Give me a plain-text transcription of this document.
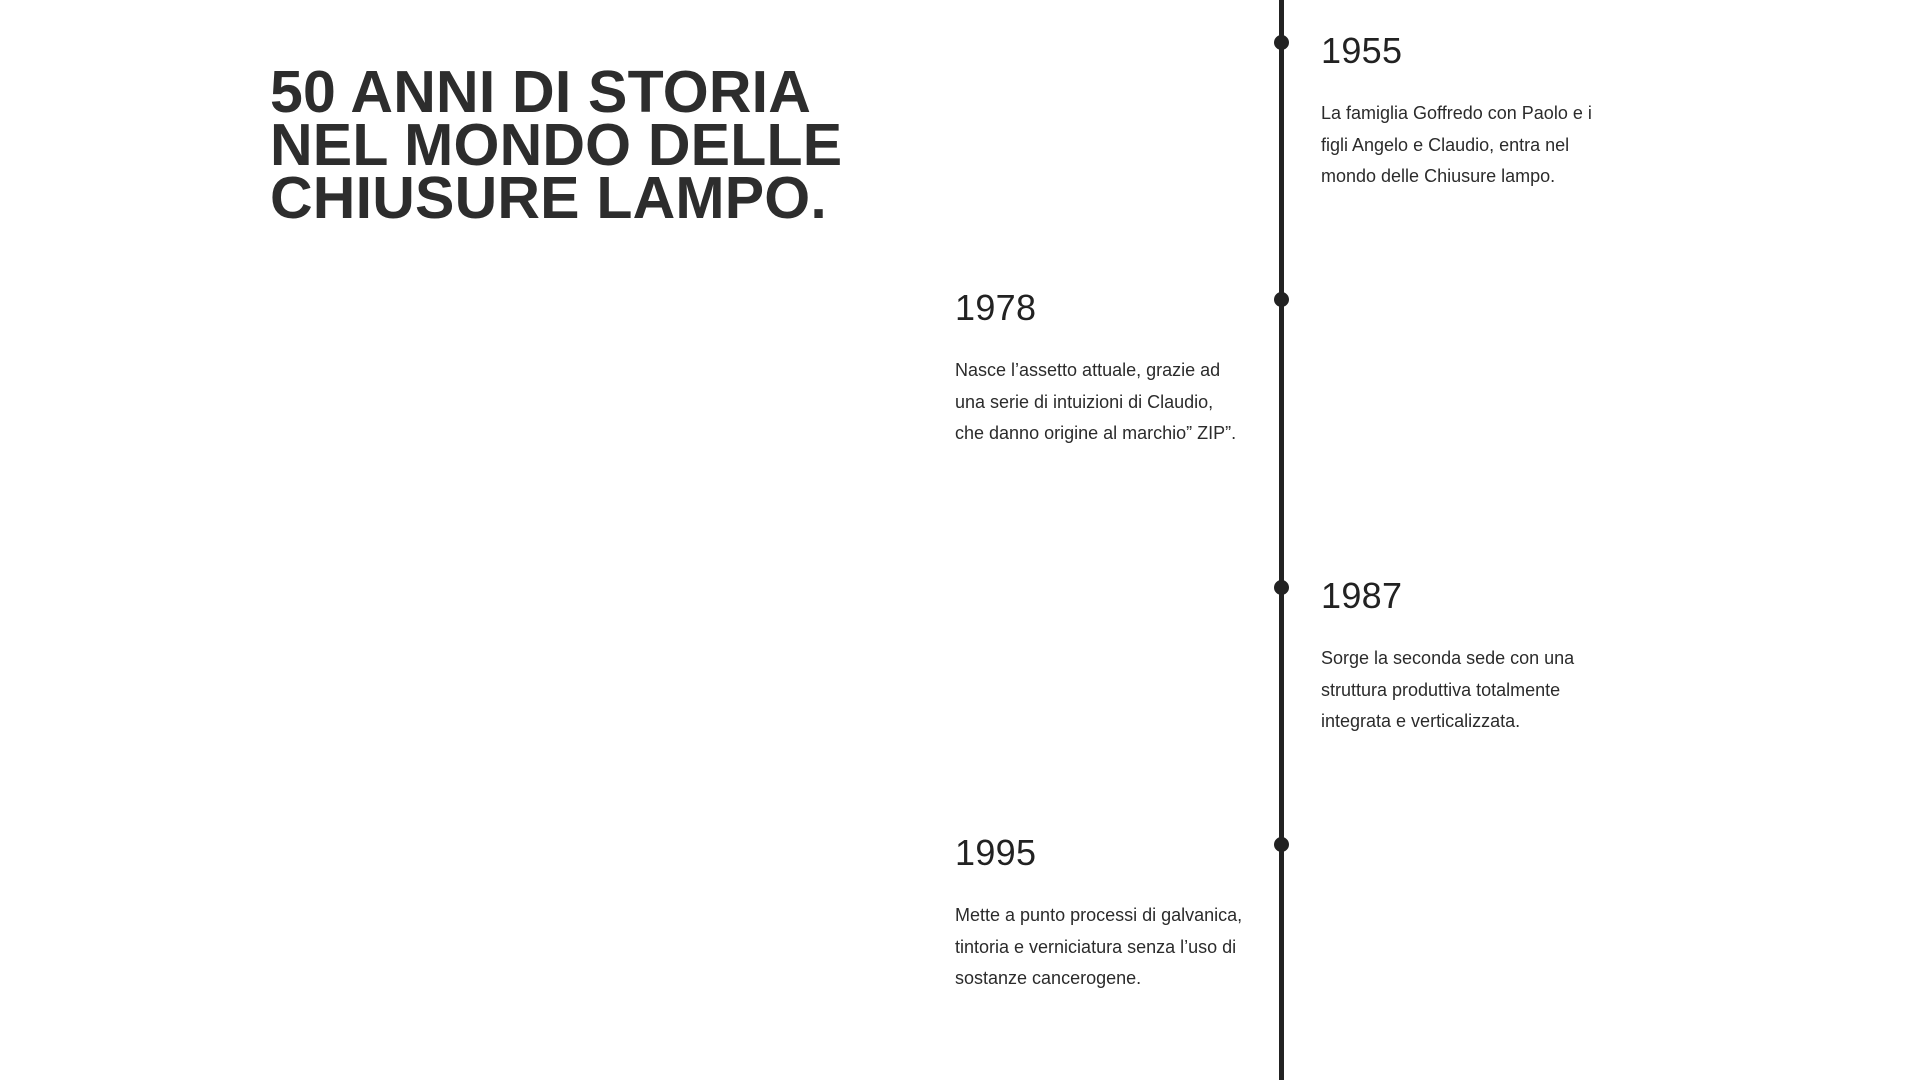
50 ANNI DI STORIA
NEL MONDO DELLE
CHIUSURE LAMPO.
1955

La famiglia Goffredo con Paolo e i figli Angelo e Claudio, entra nel mondo delle Chiusure lampo.

1978

Nasce l’assetto attuale, grazie ad una serie di intuizioni di Claudio, che danno origine al marchio” ZIP”.

1987

Sorge la seconda sede con una struttura produttiva totalmente integrata e verticalizzata.

1995

Mette a punto processi di galvanica, tintoria e verniciatura senza l’uso di sostanze cancerogene.
